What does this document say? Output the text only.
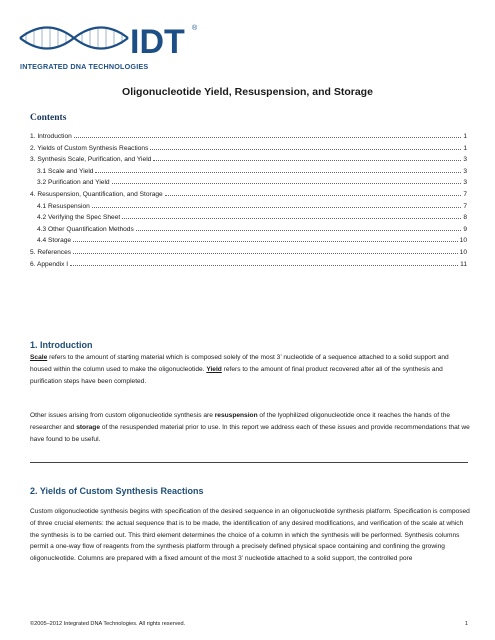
IDT ®
INTEGRATED DNA TECHNOLOGIES
Oligonucleotide Yield, Resuspension, and Storage
Contents
1. Introduction	1
2. Yields of Custom Synthesis Reactions	1
3. Synthesis Scale, Purification, and Yield	3
3.1 Scale and Yield	3
3.2 Purification and Yield	3
4. Resuspension, Quantification, and Storage	7
4.1 Resuspension	7
4.2 Verifying the Spec Sheet	8
4.3 Other Quantification Methods	9
4.4 Storage	10
5. References	10
6. Appendix I	11
1. Introduction
Scale refers to the amount of starting material which is composed solely of the most 3’ nucleotide of a sequence attached to a solid support and housed within the column used to make the oligonucleotide. Yield refers to the amount of final product recovered after all of the synthesis and purification steps have been completed.
Other issues arising from custom oligonucleotide synthesis are resuspension of the lyophilized oligonucleotide once it reaches the hands of the researcher and storage of the resuspended material prior to use. In this report we address each of these issues and provide recommendations that we have found to be useful.
2. Yields of Custom Synthesis Reactions
Custom oligonucleotide synthesis begins with specification of the desired sequence in an oligonucleotide synthesis platform. Specification is composed of three crucial elements: the actual sequence that is to be made, the identification of any desired modifications, and verification of the scale at which the synthesis is to be carried out. This third element determines the choice of a column in which the synthesis will be performed. Synthesis columns permit a one-way flow of reagents from the synthesis platform through a precisely defined physical space containing and confining the growing oligonucleotide. Columns are prepared with a fixed amount of the most 3’ nucleotide attached to a solid support, the controlled pore
©2005–2012 Integrated DNA Technologies. All rights reserved.	1
